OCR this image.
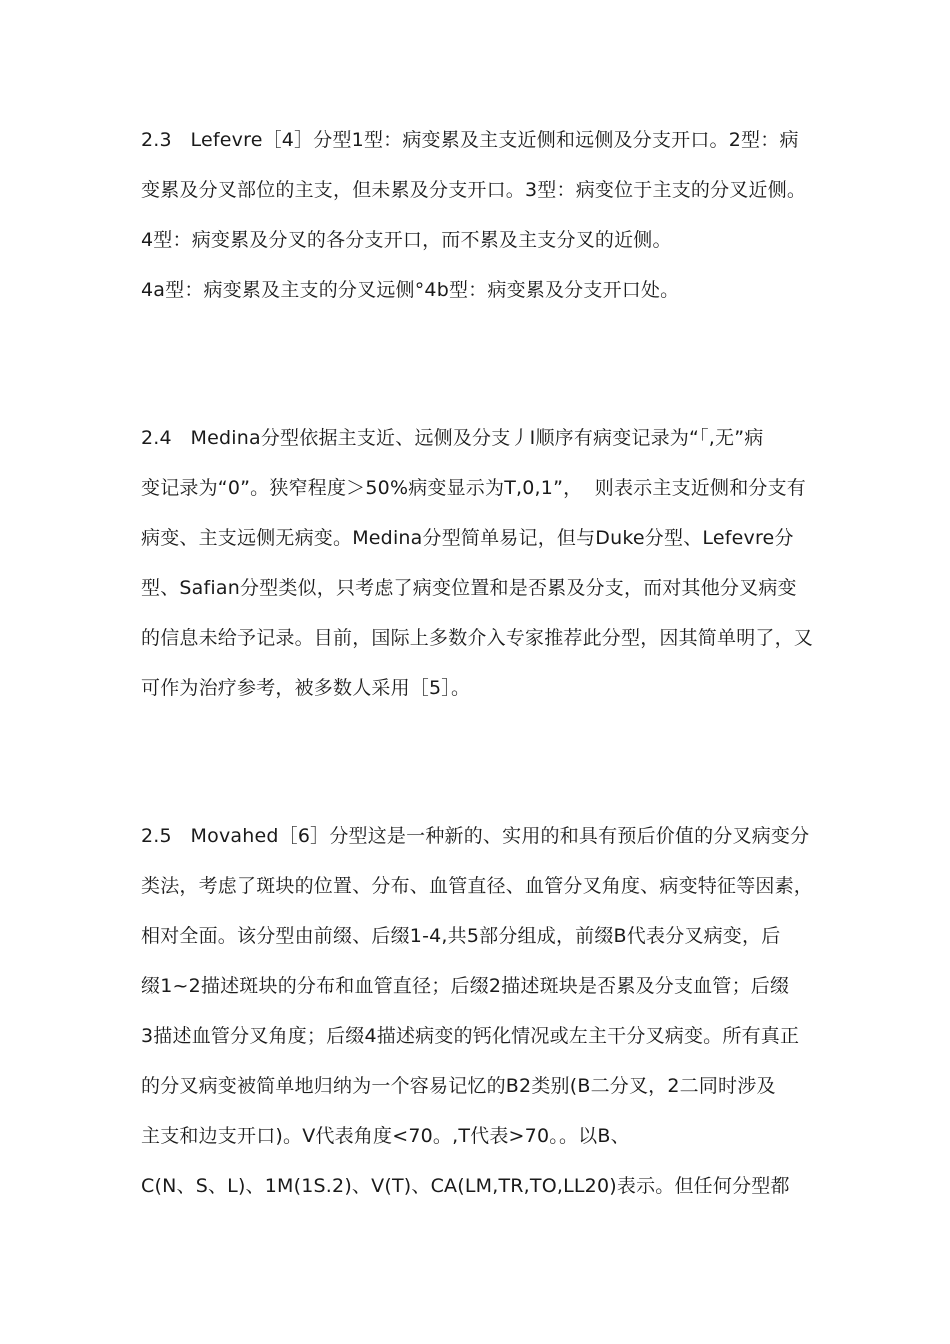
2.3   Lefevre［4］分型1型：病变累及主支近侧和远侧及分支开口。2型：病
变累及分叉部位的主支，但未累及分支开口。3型：病变位于主支的分叉近侧。
4型：病变累及分叉的各分支开口，而不累及主支分叉的近侧。
4a型：病变累及主支的分叉远侧°4b型：病变累及分支开口处。
2.4   Medina分型依据主支近、远侧及分支丿I顺序有病变记录为“「,无”病
变记录为“0”。狭窄程度＞50%病变显示为T,0,1”，  则表示主支近侧和分支有
病变、主支远侧无病变。Medina分型简单易记，但与Duke分型、Lefevre分
型、Safian分型类似，只考虑了病变位置和是否累及分支，而对其他分叉病变
的信息未给予记录。目前，国际上多数介入专家推荐此分型，因其简单明了，又
可作为治疗参考，被多数人采用［5］。
2.5   Movahed［6］分型这是一种新的、实用的和具有预后价值的分叉病变分
类法，考虑了斑块的位置、分布、血管直径、血管分叉角度、病变特征等因素，
相对全面。该分型由前缀、后缀1-4,共5部分组成，前缀B代表分叉病变，后
缀1~2描述斑块的分布和血管直径；后缀2描述斑块是否累及分支血管；后缀
3描述血管分叉角度；后缀4描述病变的钙化情况或左主干分叉病变。所有真正
的分叉病变被简单地归纳为一个容易记忆的B2类别(B二分叉，2二同时涉及
主支和边支开口)。V代表角度<70。,T代表>70。。以B、
C(N、S、L)、1M(1S.2)、V(T)、CA(LM,TR,TO,LL20)表示。但任何分型都
